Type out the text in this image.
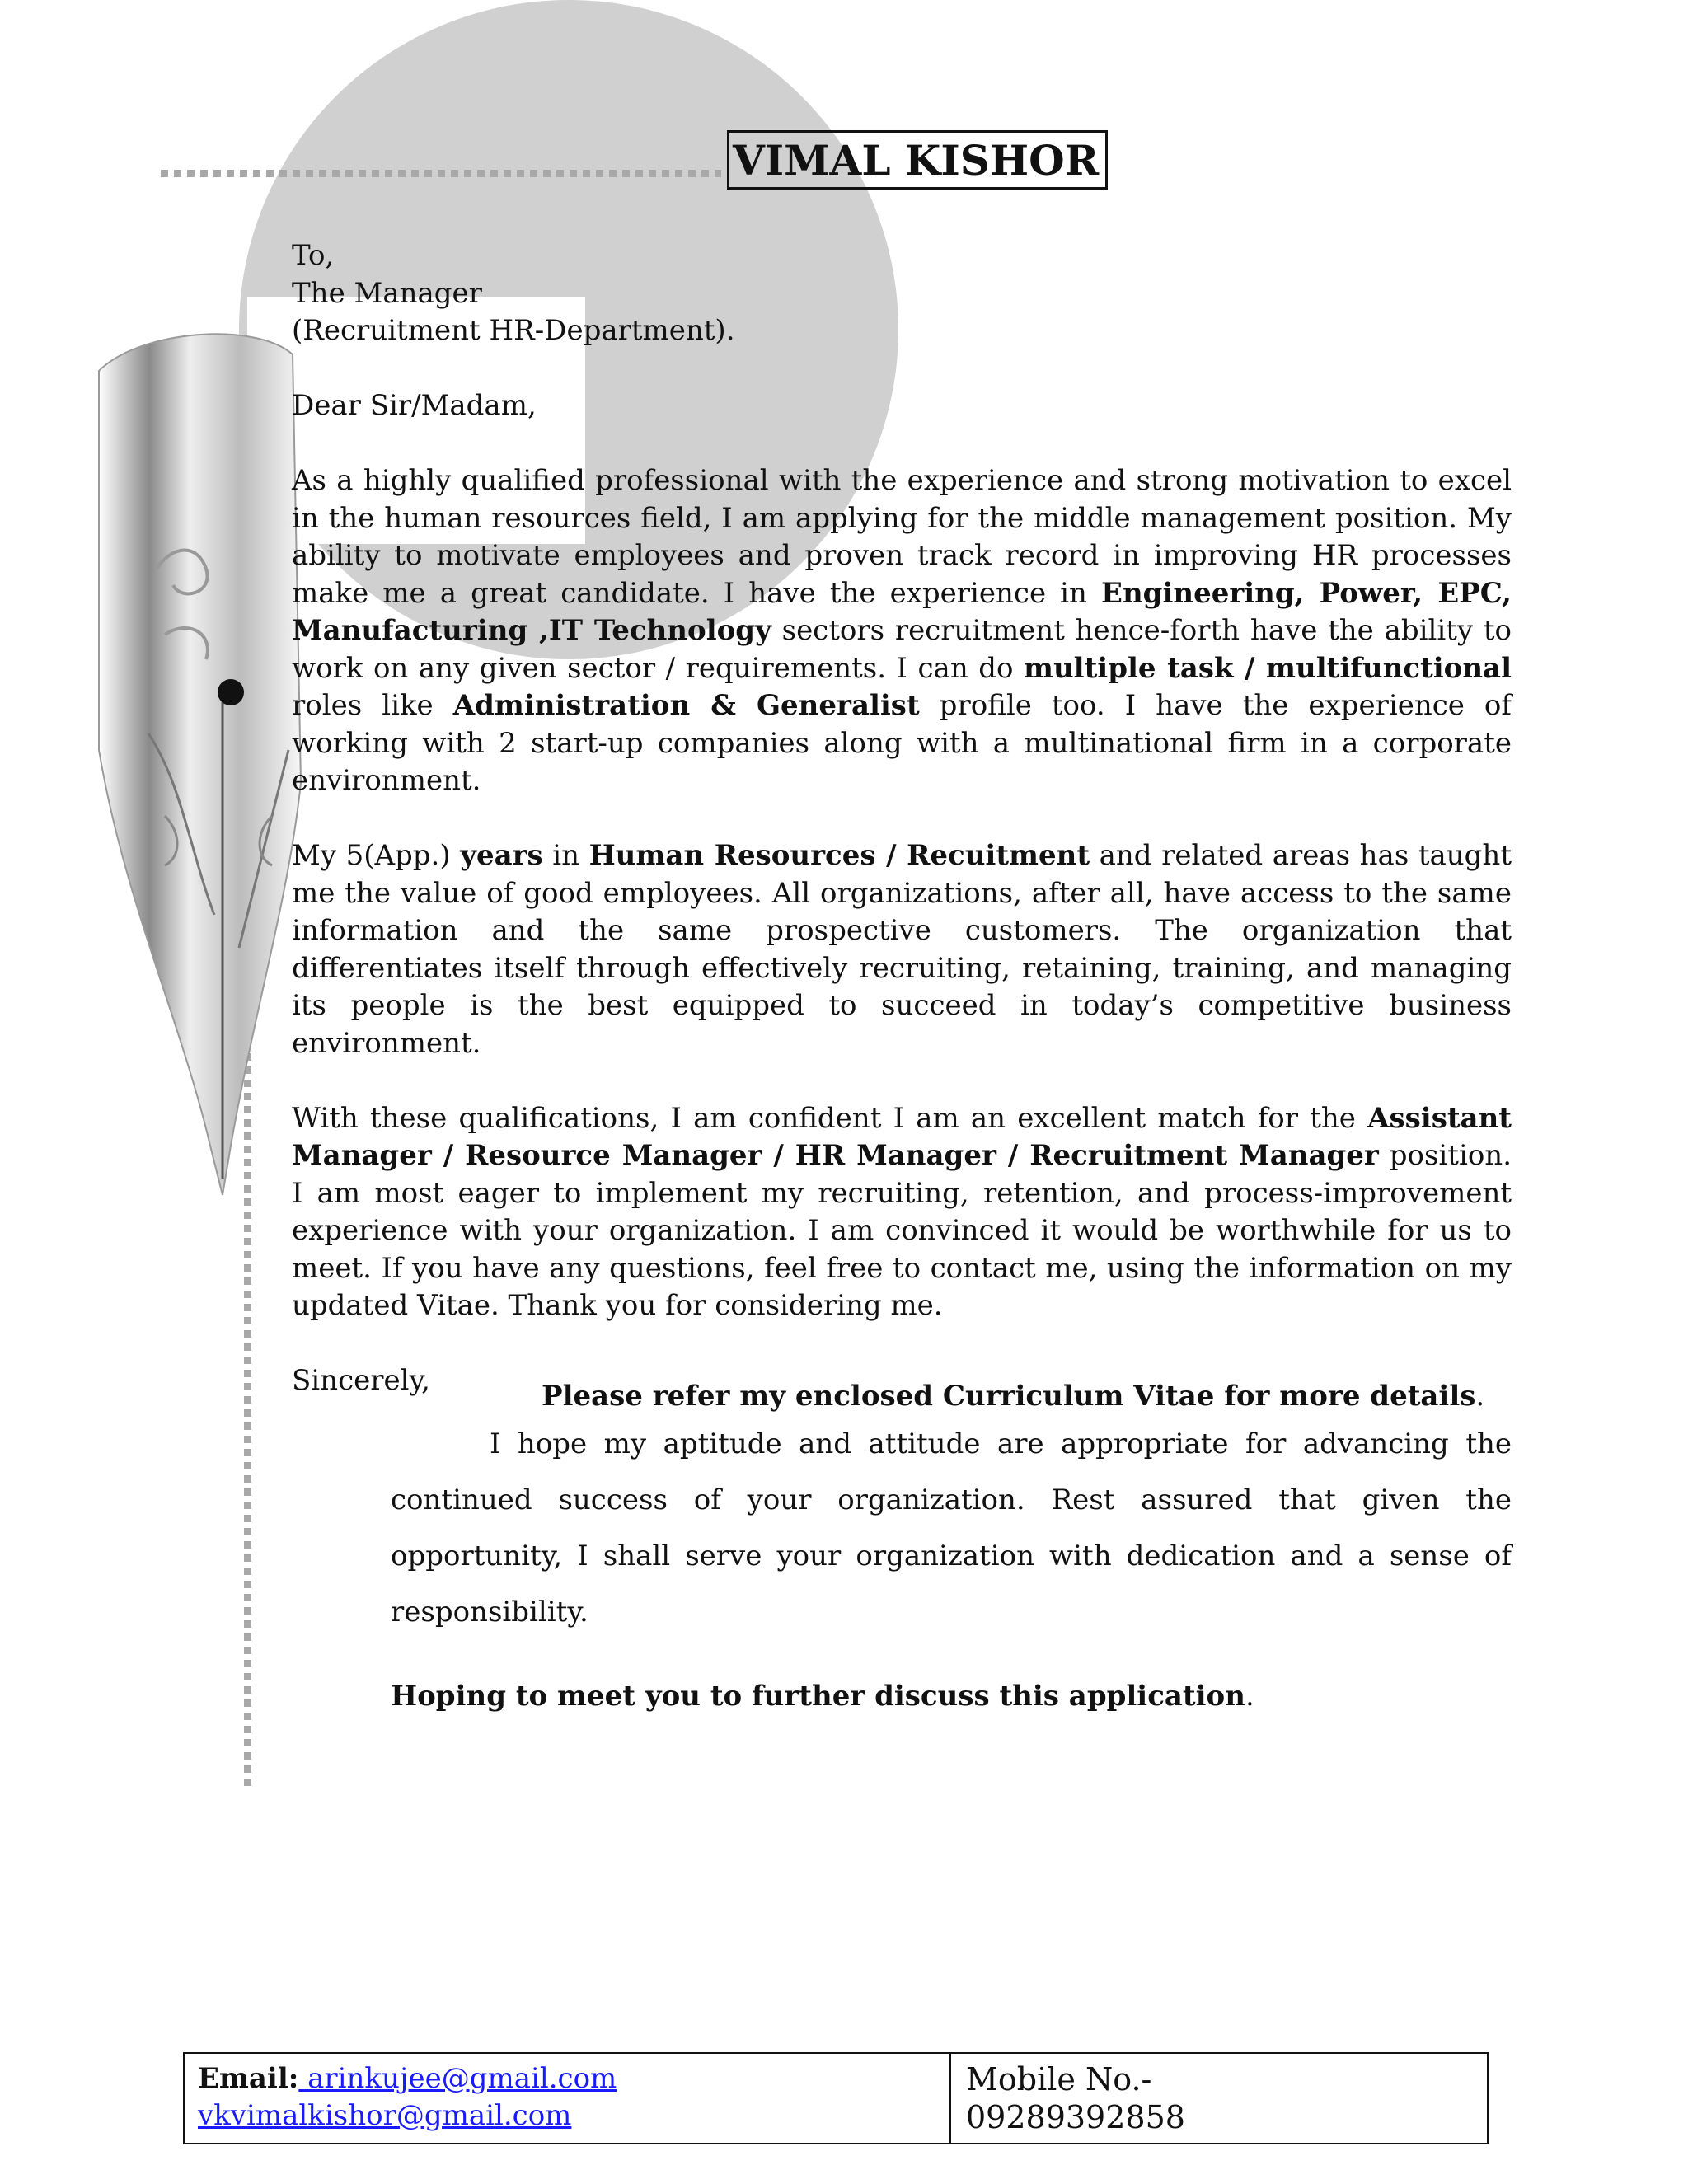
VIMAL KISHOR

To,

The Manager

(Recruitment HR-Department).

Dear Sir/Madam,

As a highly qualified professional with the experience and strong motivation to excel in the human resources field, I am applying for the middle management position. My ability to motivate employees and proven track record in improving HR processes make me a great candidate. I have the experience in Engineering, Power, EPC, Manufacturing ,IT Technology sectors recruitment hence-forth have the ability to work on any given sector / requirements. I can do multiple task / multifunctional roles like Administration & Generalist profile too. I have the experience of working with 2 start-up companies along with a multinational firm in a corporate environment.

My 5(App.) years in Human Resources / Recuitment and related areas has taught me the value of good employees. All organizations, after all, have access to the same information and the same prospective customers. The organization that differentiates itself through effectively recruiting, retaining, training, and managing its people is the best equipped to succeed in today’s competitive business environment.

With these qualifications, I am confident I am an excellent match for the Assistant Manager / Resource Manager / HR Manager / Recruitment Manager position. I am most eager to implement my recruiting, retention, and process-improvement experience with your organization. I am convinced it would be worthwhile for us to meet. If you have any questions, feel free to contact me, using the information on my updated Vitae. Thank you for considering me.

Sincerely,	Please refer my enclosed Curriculum Vitae for more details.
I hope my aptitude and attitude are appropriate for advancing the continued success of your organization. Rest assured that given the opportunity, I shall serve your organization with dedication and a sense of responsibility.
Hoping to meet you to further discuss this application.
Email: arinkujee@gmail.com
vkvimalkishor@gmail.com
Mobile No.-
09289392858
